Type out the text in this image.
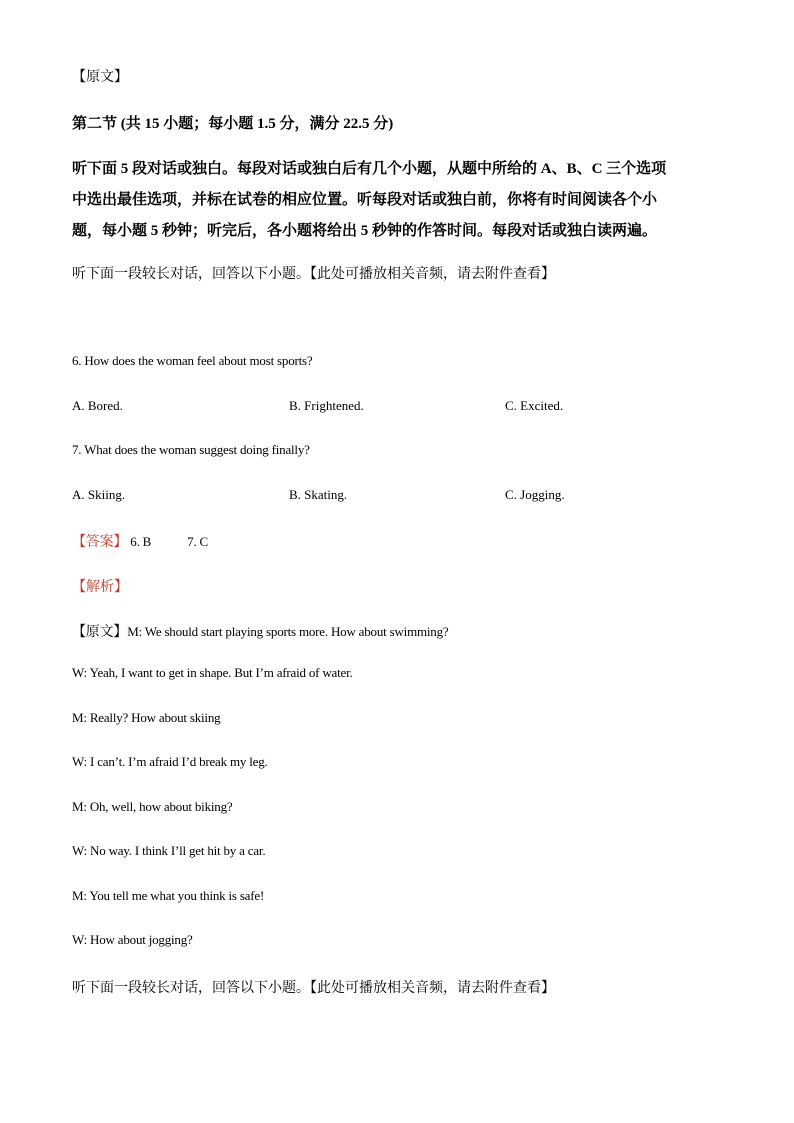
【原文】
第二节 (共 15 小题；每小题 1.5 分，满分 22.5 分)
听下面 5 段对话或独白。每段对话或独白后有几个小题，从题中所给的 A、B、C 三个选项
中选出最佳选项，并标在试卷的相应位置。听每段对话或独白前，你将有时间阅读各个小
题，每小题 5 秒钟；听完后，各小题将给出 5 秒钟的作答时间。每段对话或独白读两遍。
听下面一段较长对话，回答以下小题。【此处可播放相关音频，请去附件查看】
6. How does the woman feel about most sports?
A. Bored.	B. Frightened.	C. Excited.
7. What does the woman suggest doing finally?
A. Skiing.	B. Skating.	C. Jogging.
【答案】 6. B	7. C
【解析】
【原文】M: We should start playing sports more. How about swimming?
W: Yeah, I want to get in shape. But I’m afraid of water.
M: Really? How about skiing
W: I can’t. I’m afraid I’d break my leg.
M: Oh, well, how about biking?
W: No way. I think I’ll get hit by a car.
M: You tell me what you think is safe!
W: How about jogging?
听下面一段较长对话，回答以下小题。【此处可播放相关音频，请去附件查看】
